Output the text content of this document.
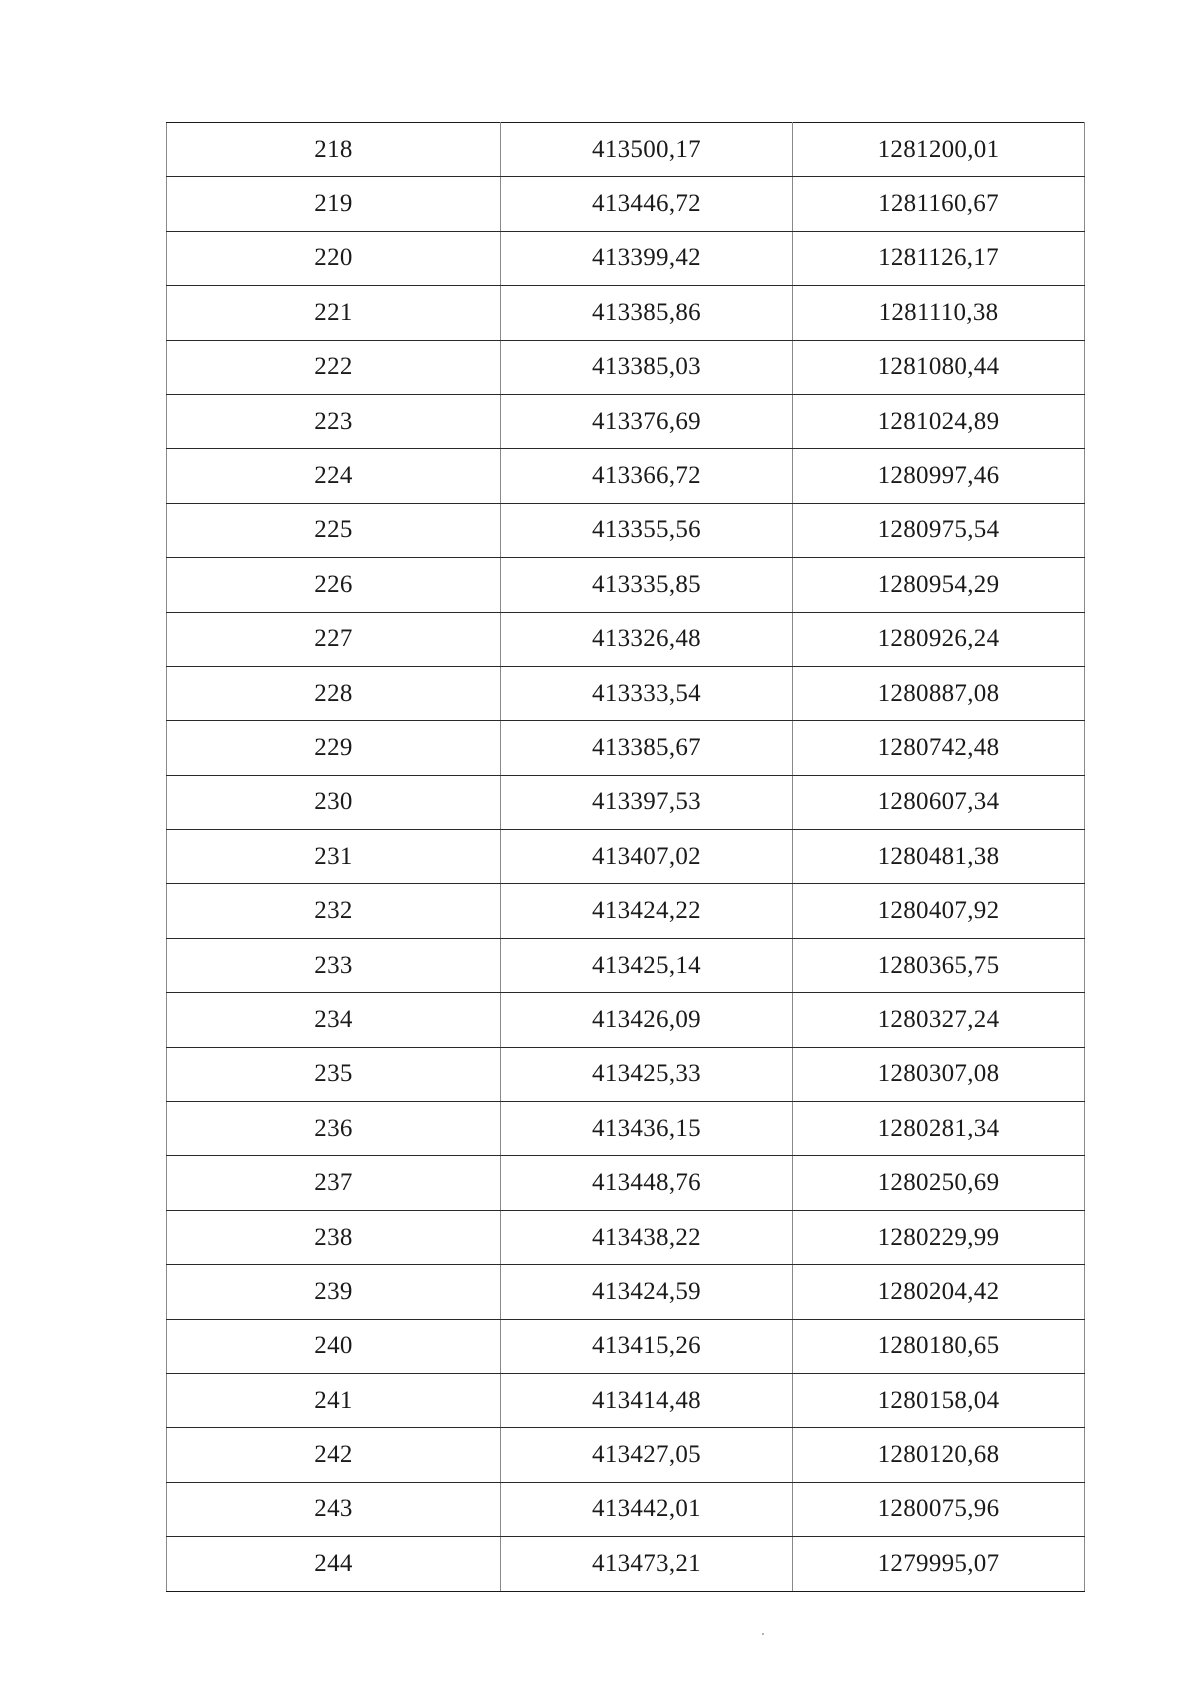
218	413500,17	1281200,01
219	413446,72	1281160,67
220	413399,42	1281126,17
221	413385,86	1281110,38
222	413385,03	1281080,44
223	413376,69	1281024,89
224	413366,72	1280997,46
225	413355,56	1280975,54
226	413335,85	1280954,29
227	413326,48	1280926,24
228	413333,54	1280887,08
229	413385,67	1280742,48
230	413397,53	1280607,34
231	413407,02	1280481,38
232	413424,22	1280407,92
233	413425,14	1280365,75
234	413426,09	1280327,24
235	413425,33	1280307,08
236	413436,15	1280281,34
237	413448,76	1280250,69
238	413438,22	1280229,99
239	413424,59	1280204,42
240	413415,26	1280180,65
241	413414,48	1280158,04
242	413427,05	1280120,68
243	413442,01	1280075,96
244	413473,21	1279995,07
